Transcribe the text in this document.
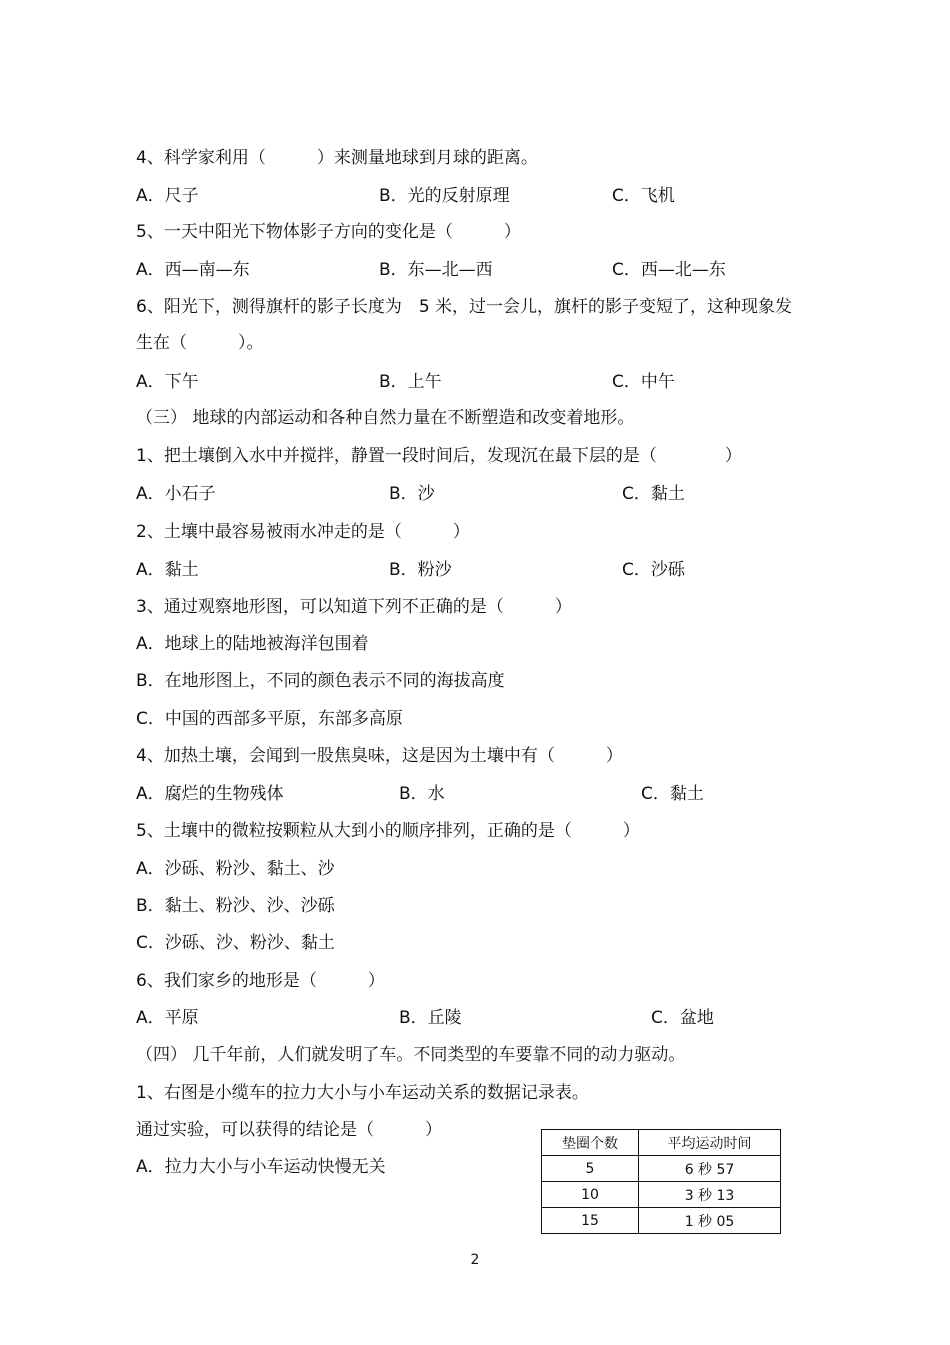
4、科学家利用（　　　）来测量地球到月球的距离。
A．尺子	B．光的反射原理	C．飞机
5、一天中阳光下物体影子方向的变化是（　　　）
A．西—南—东	B．东—北—西	C．西—北—东
6、阳光下，测得旗杆的影子长度为　5 米，过一会儿，旗杆的影子变短了，这种现象发生在（　　　）。
A．下午	B．上午	C．中午
（三） 地球的内部运动和各种自然力量在不断塑造和改变着地形。
1、把土壤倒入水中并搅拌，静置一段时间后，发现沉在最下层的是（　　　　）
A．小石子	B．沙	C．黏土
2、土壤中最容易被雨水冲走的是（　　　）
A．黏土	B．粉沙	C．沙砾
3、通过观察地形图，可以知道下列不正确的是（　　　）
A．地球上的陆地被海洋包围着
B．在地形图上，不同的颜色表示不同的海拔高度
C．中国的西部多平原，东部多高原
4、加热土壤，会闻到一股焦臭味，这是因为土壤中有（　　　）
A．腐烂的生物残体	B．水	C．黏土
5、土壤中的微粒按颗粒从大到小的顺序排列，正确的是（　　　）
A．沙砾、粉沙、黏土、沙
B．黏土、粉沙、沙、沙砾
C．沙砾、沙、粉沙、黏土
6、我们家乡的地形是（　　　）
A．平原	B．丘陵	C．盆地
（四） 几千年前，人们就发明了车。不同类型的车要靠不同的动力驱动。
1、右图是小缆车的拉力大小与小车运动关系的数据记录表。
通过实验，可以获得的结论是（　　　）
A．拉力大小与小车运动快慢无关
垫圈个数	平均运动时间
5	6 秒 57
10	3 秒 13
15	1 秒 05
2
